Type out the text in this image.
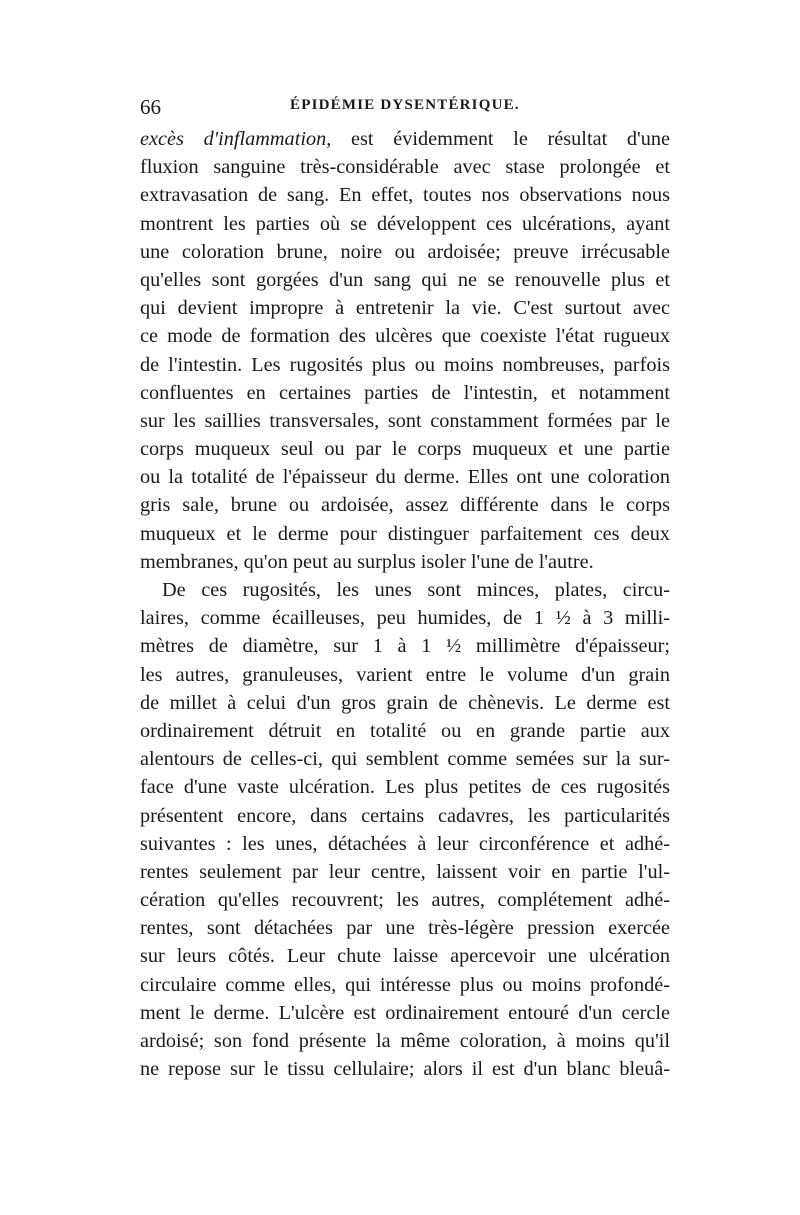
66	ÉPIDÉMIE DYSENTÉRIQUE.
excès d'inflammation, est évidemment le résultat d'une
fluxion sanguine très-considérable avec stase prolongée et
extravasation de sang. En effet, toutes nos observations nous
montrent les parties où se développent ces ulcérations, ayant
une coloration brune, noire ou ardoisée; preuve irrécusable
qu'elles sont gorgées d'un sang qui ne se renouvelle plus et
qui devient impropre à entretenir la vie. C'est surtout avec
ce mode de formation des ulcères que coexiste l'état rugueux
de l'intestin. Les rugosités plus ou moins nombreuses, parfois
confluentes en certaines parties de l'intestin, et notamment
sur les saillies transversales, sont constamment formées par le
corps muqueux seul ou par le corps muqueux et une partie
ou la totalité de l'épaisseur du derme. Elles ont une coloration
gris sale, brune ou ardoisée, assez différente dans le corps
muqueux et le derme pour distinguer parfaitement ces deux
membranes, qu'on peut au surplus isoler l'une de l'autre.
De ces rugosités, les unes sont minces, plates, circu-
laires, comme écailleuses, peu humides, de 1 ½ à 3 milli-
mètres de diamètre, sur 1 à 1 ½ millimètre d'épaisseur;
les autres, granuleuses, varient entre le volume d'un grain
de millet à celui d'un gros grain de chènevis. Le derme est
ordinairement détruit en totalité ou en grande partie aux
alentours de celles-ci, qui semblent comme semées sur la sur-
face d'une vaste ulcération. Les plus petites de ces rugosités
présentent encore, dans certains cadavres, les particularités
suivantes : les unes, détachées à leur circonférence et adhé-
rentes seulement par leur centre, laissent voir en partie l'ul-
cération qu'elles recouvrent; les autres, complétement adhé-
rentes, sont détachées par une très-légère pression exercée
sur leurs côtés. Leur chute laisse apercevoir une ulcération
circulaire comme elles, qui intéresse plus ou moins profondé-
ment le derme. L'ulcère est ordinairement entouré d'un cercle
ardoisé; son fond présente la même coloration, à moins qu'il
ne repose sur le tissu cellulaire; alors il est d'un blanc bleuâ-
